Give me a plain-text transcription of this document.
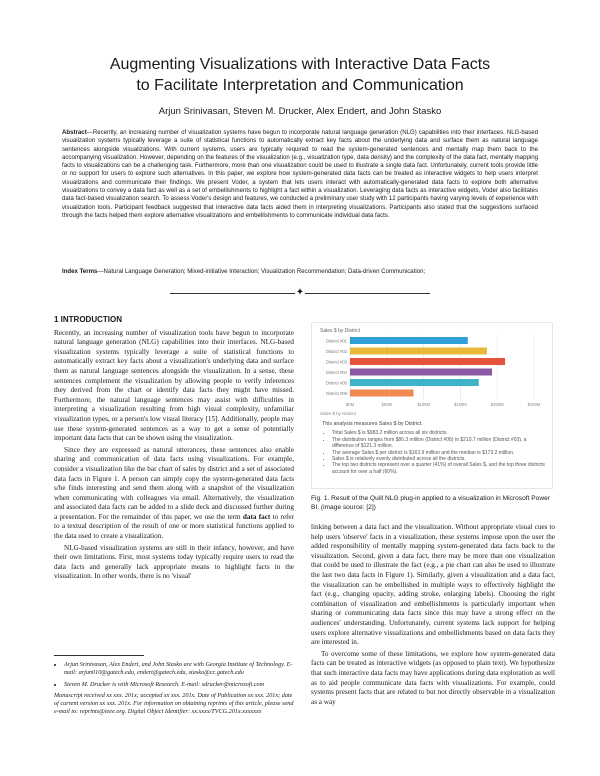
Augmenting Visualizations with Interactive Data Facts
to Facilitate Interpretation and Communication
Arjun Srinivasan, Steven M. Drucker, Alex Endert, and John Stasko
Abstract—Recently, an increasing number of visualization systems have begun to incorporate natural language generation (NLG) capabilities into their interfaces. NLG-based visualization systems typically leverage a suite of statistical functions to automatically extract key facts about the underlying data and surface them as natural language sentences alongside visualizations. With current systems, users are typically required to read the system-generated sentences and mentally map them back to the accompanying visualization. However, depending on the features of the visualization (e.g., visualization type, data density) and the complexity of the data fact, mentally mapping facts to visualizations can be a challenging task. Furthermore, more than one visualization could be used to illustrate a single data fact. Unfortunately, current tools provide little or no support for users to explore such alternatives. In this paper, we explore how system-generated data facts can be treated as interactive widgets to help users interpret visualizations and communicate their findings. We present Voder, a system that lets users interact with automatically-generated data facts to explore both alternative visualizations to convey a data fact as well as a set of embellishments to highlight a fact within a visualization. Leveraging data facts as interactive widgets, Voder also facilitates data fact-based visualization search. To assess Voder's design and features, we conducted a preliminary user study with 12 participants having varying levels of experience with visualization tools. Participant feedback suggested that interactive data facts aided them in interpreting visualizations. Participants also stated that the suggestions surfaced through the facts helped them explore alternative visualizations and embellishments to communicate individual data facts.
Index Terms—Natural Language Generation; Mixed-initiative Interaction; Visualization Recommendation; Data-driven Communication;
✦
1 INTRODUCTION

Recently, an increasing number of visualization tools have begun to incorporate natural language generation (NLG) capabilities into their interfaces. NLG-based visualization systems typically leverage a suite of statistical functions to automatically extract key facts about a visualization's underlying data and surface them as natural language sentences alongside the visualization. In a sense, these sentences complement the visualization by allowing people to verify inferences they derived from the chart or identify data facts they might have missed. Furthermore, the natural language sentences may assist with difficulties in interpreting a visualization resulting from high visual complexity, unfamiliar visualization types, or a person's low visual literacy [15]. Additionally, people may use these system-generated sentences as a way to get a sense of potentially important data facts that can be shown using the visualization.

Since they are expressed as natural utterances, these sentences also enable sharing and communication of data facts using visualizations. For example, consider a visualization like the bar chart of sales by district and a set of associated data facts in Figure 1. A person can simply copy the system-generated data facts s/he finds interesting and send them along with a snapshot of the visualization when communicating with colleagues via email. Alternatively, the visualization and associated data facts can be added to a slide deck and discussed further during a presentation. For the remainder of this paper, we use the term data fact to refer to a textual description of the result of one or more statistical functions applied to the data used to create a visualization.

NLG-based visualization systems are still in their infancy, however, and have their own limitations. First, most systems today typically require users to read the data facts and generally lack appropriate means to highlight facts in the visualization. In other words, there is no 'visual'

• Arjun Srinivasan, Alex Endert, and John Stasko are with Georgia Institute of Technology. E-mail: arjun010@gatech.edu, endert@gatech.edu, stasko@cc.gatech.edu
• Steven M. Drucker is with Microsoft Research. E-mail: sdrucker@microsoft.com
Manuscript received xx xxx. 201x; accepted xx xxx. 201x. Date of Publication xx xxx. 201x; date of current version xx xxx. 201x. For information on obtaining reprints of this article, please send e-mail to: reprints@ieee.org. Digital Object Identifier: xx.xxxx/TVCG.201x.xxxxxxx
Sales $ by District
District #01
District #02
District #03
District #04
District #05
District #06
$0M	$50M	$100M	$150M	$200M	$250M
Sales $ by District
This analysis measures Sales $ by District.
• Total Sales $ is $983.2 million across all six districts.
• The distribution ranges from $86.3 million (District #06) to $210.7 million (District #03), a difference of $121.3 million.
• The average Sales $ per district is $163.9 million and the median is $173.2 million.
• Sales $ is relatively evenly distributed across all the districts.
• The top two districts represent over a quarter (41%) of overall Sales $, and the top three districts account for over a half (60%).
Fig. 1. Result of the Quill NLG plug-in applied to a visualization in Microsoft Power BI. (image source: [2])

linking between a data fact and the visualization. Without appropriate visual cues to help users 'observe' facts in a visualization, these systems impose upon the user the added responsibility of mentally mapping system-generated data facts back to the visualization. Second, given a data fact, there may be more than one visualization that could be used to illustrate the fact (e.g., a pie chart can also be used to illustrate the last two data facts in Figure 1). Similarly, given a visualization and a data fact, the visualization can be embellished in multiple ways to effectively highlight the fact (e.g., changing opacity, adding stroke, enlarging labels). Choosing the right combination of visualization and embellishments is particularly important when sharing or communicating data facts since this may have a strong effect on the audiences' understanding. Unfortunately, current systems lack support for helping users explore alternative visualizations and embellishments based on data facts they are interested in.

To overcome some of these limitations, we explore how system-generated data facts can be treated as interactive widgets (as opposed to plain text). We hypothesize that such interactive data facts may have applications during data exploration as well as to aid people communicate data facts with visualizations. For example, could systems present facts that are related to but not directly observable in a visualization as a way
